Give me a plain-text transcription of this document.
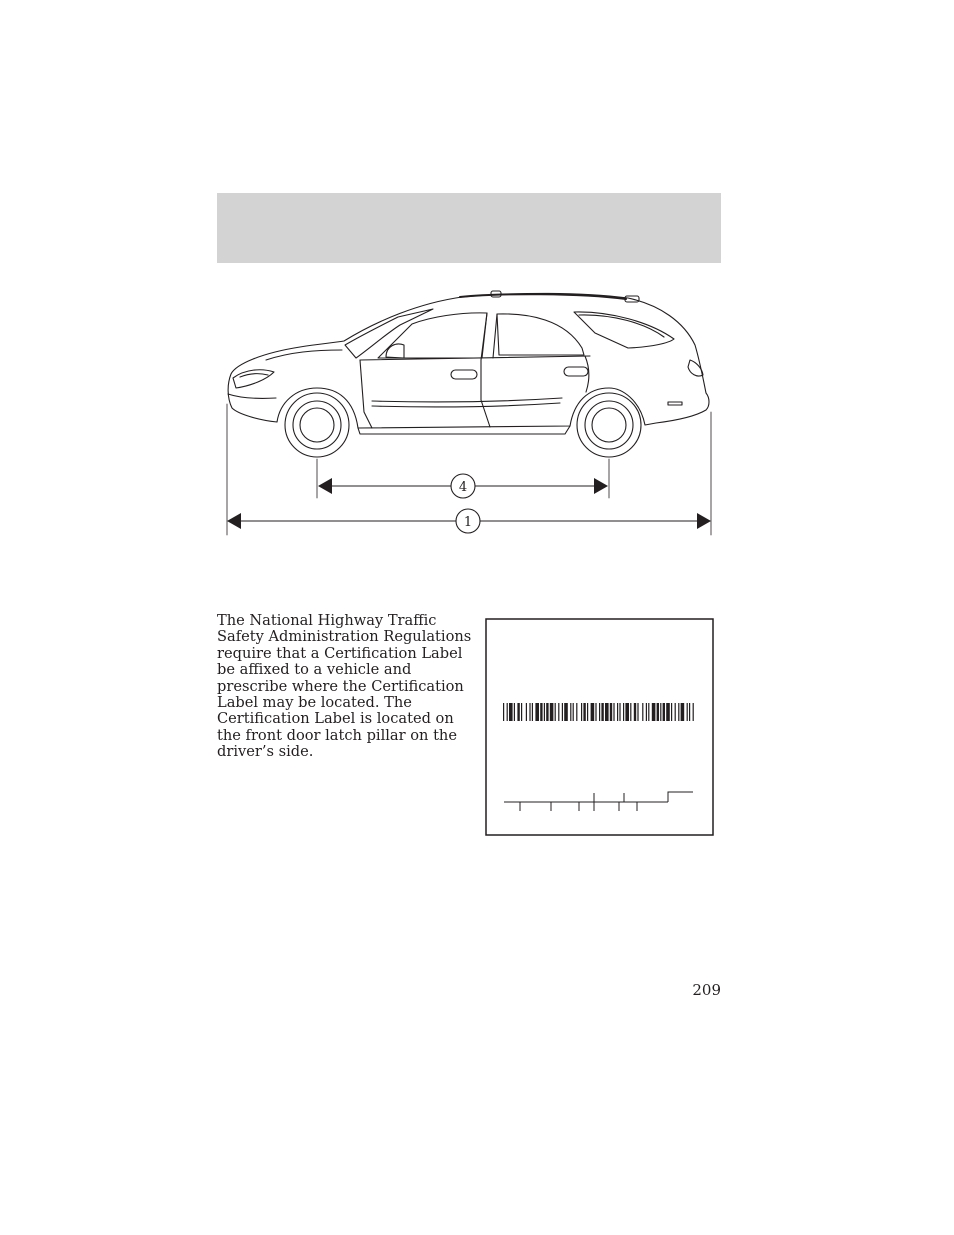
4
1

The National Highway Traffic Safety Administration Regulations require that a Certification Label be affixed to a vehicle and prescribe where the Certification Label may be located. The Certification Label is located on the front door latch pillar on the driver’s side.

209
